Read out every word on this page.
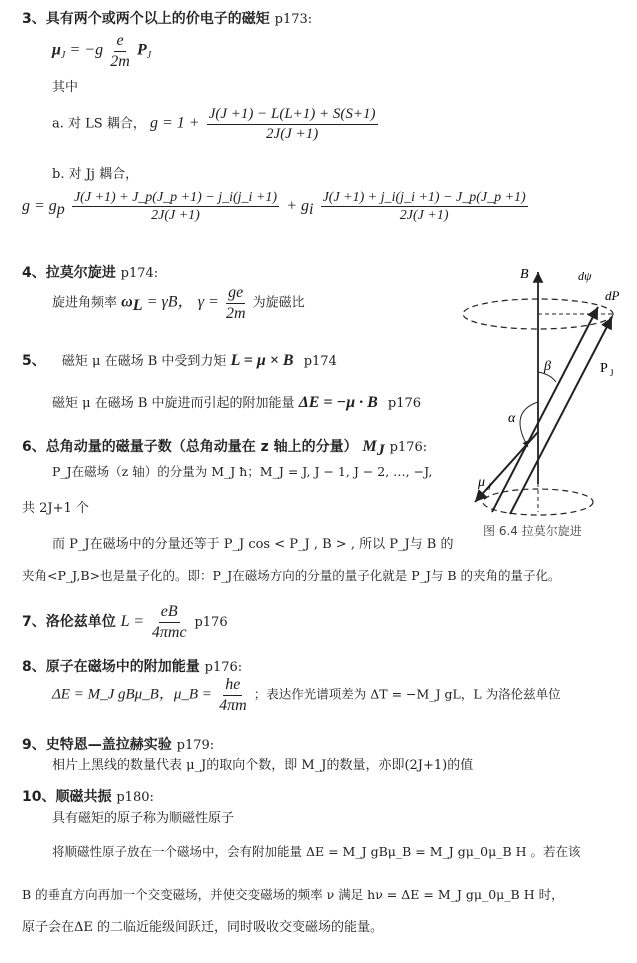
3、具有两个或两个以上的价电子的磁矩 p173:
$\mu_J = -g \frac{e}{2m} P_J$
其中
a. 对 LS 耦合， $g = 1 + \frac{J(J +1) - L(L+1) + S(S+1)}{2J(J +1)}$
b. 对 Jj 耦合，
$g = g_p \frac{J(J +1) + J\_p(J\_p +1) - j\_i(j\_i +1)}{2J(J +1)} + g_i \frac{J(J +1) + j\_i(j\_i +1) - J\_p(J\_p +1)}{2J(J +1)}$
4、拉莫尔旋进 p174:
旋进角频率 $\omega_L = \gamma B$， $\gamma = \frac{ge}{2m}$ 为旋磁比
5、 磁矩 μ 在磁场 B 中受到力矩 L = μ × B p174
磁矩 μ 在磁场 B 中旋进而引起的附加能量 ΔE = −μ · B p176
6、总角动量的磁量子数（总角动量在 z 轴上的分量） $M_J$ p176:
P_J在磁场（z 轴）的分量为 M_J ħ；M_J = J, J − 1, J − 2, …, −J,
共 2J+1 个
而 P_J在磁场中的分量还等于 P_J cos < P_J , B > , 所以 P_J与 B 的
夹角<P_J,B>也是量子化的。即：P_J在磁场方向的分量的量子化就是 P_J与 B 的夹角的量子化。
7、洛伦兹单位 $L = \frac{eB}{\text{4πmc}} p176$
8、原子在磁场中的附加能量 p176:
ΔE = M_J gBμ_B，μ_B = $\frac{he}{4\pi m}$ ；表达作光谱项差为 ΔT = −M_J gL，L 为洛伦兹单位
9、史特恩—盖拉赫实验 p179:
相片上黑线的数量代表 μ_J的取向个数，即 M_J的数量，亦即(2J+1)的值
10、顺磁共振 p180:
具有磁矩的原子称为顺磁性原子
将顺磁性原子放在一个磁场中，会有附加能量 ΔE = M_J gBμ_B = M_J gμ_0μ_B H 。若在该
B 的垂直方向再加一个交变磁场，并使交变磁场的频率 ν 满足 hν = ΔE = M_J gμ_0μ_B H 时，
原子会在ΔE 的二临近能级间跃迁，同时吸收交变磁场的能量。
B	dψ
dP
P J
β
α
μ J
图 6.4 拉莫尔旋进
